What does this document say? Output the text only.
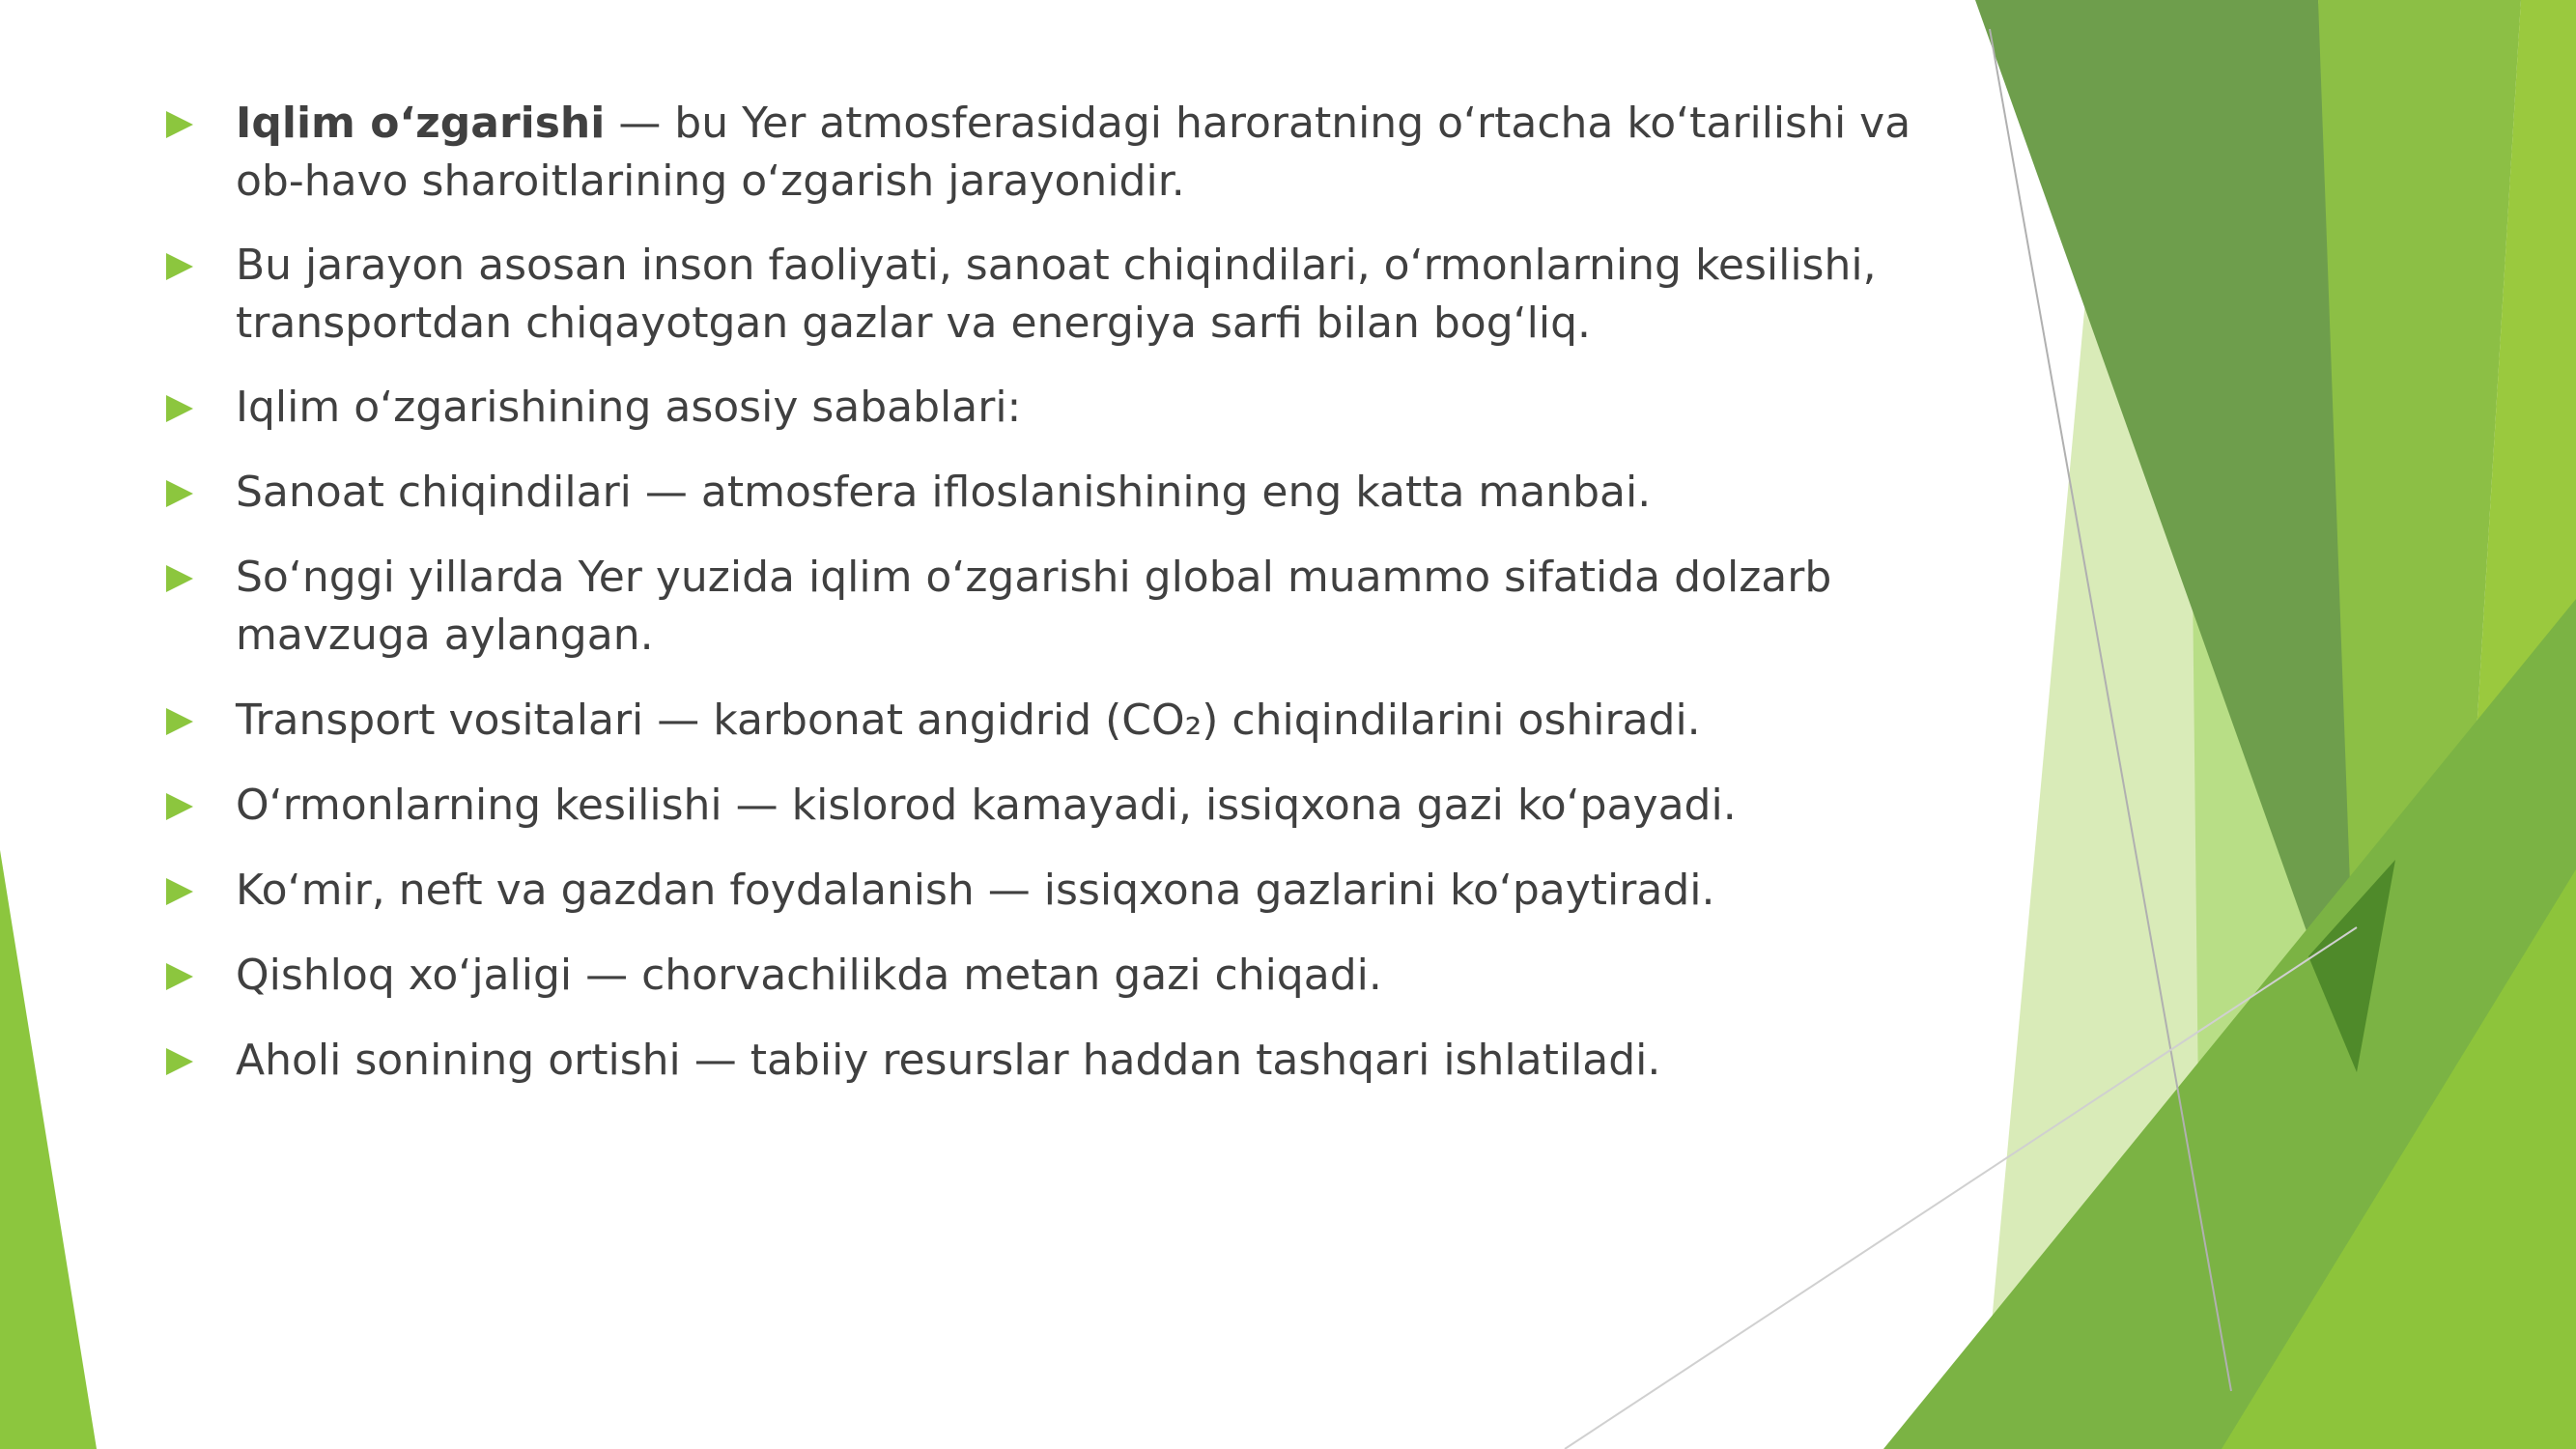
Iqlim o‘zgarishi — bu Yer atmosferasidagi haroratning o‘rtacha ko‘tarilishi va ob-havo sharoitlarining o‘zgarish jarayonidir.
Bu jarayon asosan inson faoliyati, sanoat chiqindilari, o‘rmonlarning kesilishi, transportdan chiqayotgan gazlar va energiya sarfi bilan bog‘liq.
Iqlim o‘zgarishining asosiy sabablari:
Sanoat chiqindilari — atmosfera ifloslanishining eng katta manbai.
So‘nggi yillarda Yer yuzida iqlim o‘zgarishi global muammo sifatida dolzarb mavzuga aylangan.
Transport vositalari — karbonat angidrid (CO₂) chiqindilarini oshiradi.
O‘rmonlarning kesilishi — kislorod kamayadi, issiqxona gazi ko‘payadi.
Ko‘mir, neft va gazdan foydalanish — issiqxona gazlarini ko‘paytiradi.
Qishloq xo‘jaligi — chorvachilikda metan gazi chiqadi.
Aholi sonining ortishi — tabiiy resurslar haddan tashqari ishlatiladi.
